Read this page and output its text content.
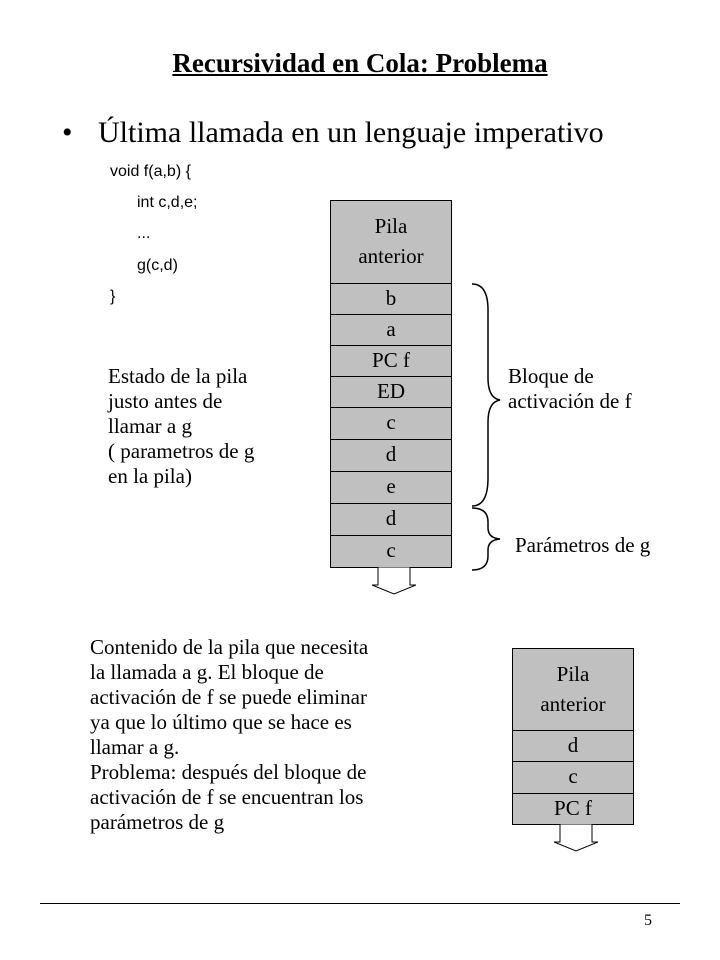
Recursividad en Cola: Problema
• Última llamada en un lenguaje imperativo
void f(a,b) {
int c,d,e;
...
g(c,d)
}
Estado de la pila
justo antes de
llamar a g
( parametros de g
en la pila)
Pila
anterior
b
a
PC f
ED
c
d
e
d
c
Bloque de
activación de f
Parámetros de g
Contenido de la pila que necesita
la llamada a g. El bloque de
activación de f se puede eliminar
ya que lo último que se hace es
llamar a g.
Problema: después del bloque de
activación de f se encuentran los
parámetros de g
Pila
anterior
d
c
PC f
5
